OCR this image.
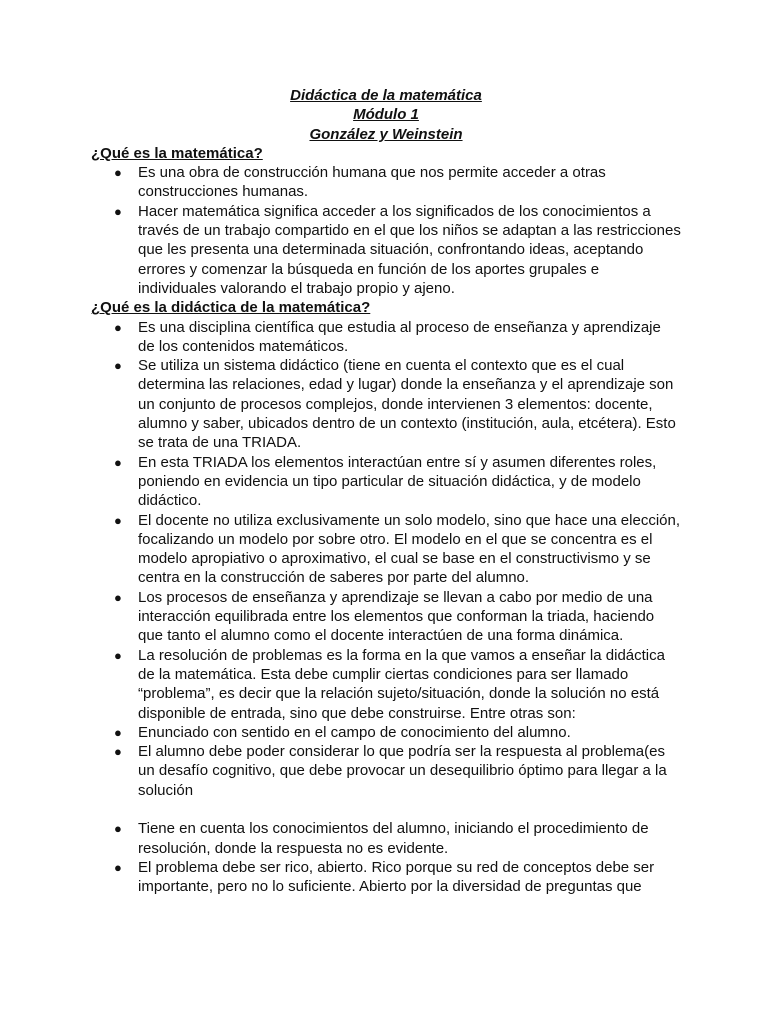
Didáctica de la matemática
Módulo 1
González y Weinstein
¿Qué es la matemática?
● Es una obra de construcción humana que nos permite acceder a otras construcciones humanas.
● Hacer matemática significa acceder a los significados de los conocimientos a través de un trabajo compartido en el que los niños se adaptan a las restricciones que les presenta una determinada situación, confrontando ideas, aceptando errores y comenzar la búsqueda en función de los aportes grupales e individuales valorando el trabajo propio y ajeno.
¿Qué es la didáctica de la matemática?
● Es una disciplina científica que estudia al proceso de enseñanza y aprendizaje de los contenidos matemáticos.
● Se utiliza un sistema didáctico (tiene en cuenta el contexto que es el cual determina las relaciones, edad y lugar) donde la enseñanza y el aprendizaje son un conjunto de procesos complejos, donde intervienen 3 elementos: docente, alumno y saber, ubicados dentro de un contexto (institución, aula, etcétera). Esto se trata de una TRIADA.
● En esta TRIADA los elementos interactúan entre sí y asumen diferentes roles, poniendo en evidencia un tipo particular de situación didáctica, y de modelo didáctico.
● El docente no utiliza exclusivamente un solo modelo, sino que hace una elección, focalizando un modelo por sobre otro. El modelo en el que se concentra es el modelo apropiativo o aproximativo, el cual se base en el constructivismo y se centra en la construcción de saberes por parte del alumno.
● Los procesos de enseñanza y aprendizaje se llevan a cabo por medio de una interacción equilibrada entre los elementos que conforman la triada, haciendo que tanto el alumno como el docente interactúen de una forma dinámica.
● La resolución de problemas es la forma en la que vamos a enseñar la didáctica de la matemática. Esta debe cumplir ciertas condiciones para ser llamado “problema”, es decir que la relación sujeto/situación, donde la solución no está disponible de entrada, sino que debe construirse. Entre otras son:
● Enunciado con sentido en el campo de conocimiento del alumno.
● El alumno debe poder considerar lo que podría ser la respuesta al problema(es un desafío cognitivo, que debe provocar un desequilibrio óptimo para llegar a la solución
● Tiene en cuenta los conocimientos del alumno, iniciando el procedimiento de resolución, donde la respuesta no es evidente.
● El problema debe ser rico, abierto. Rico porque su red de conceptos debe ser importante, pero no lo suficiente. Abierto por la diversidad de preguntas que
